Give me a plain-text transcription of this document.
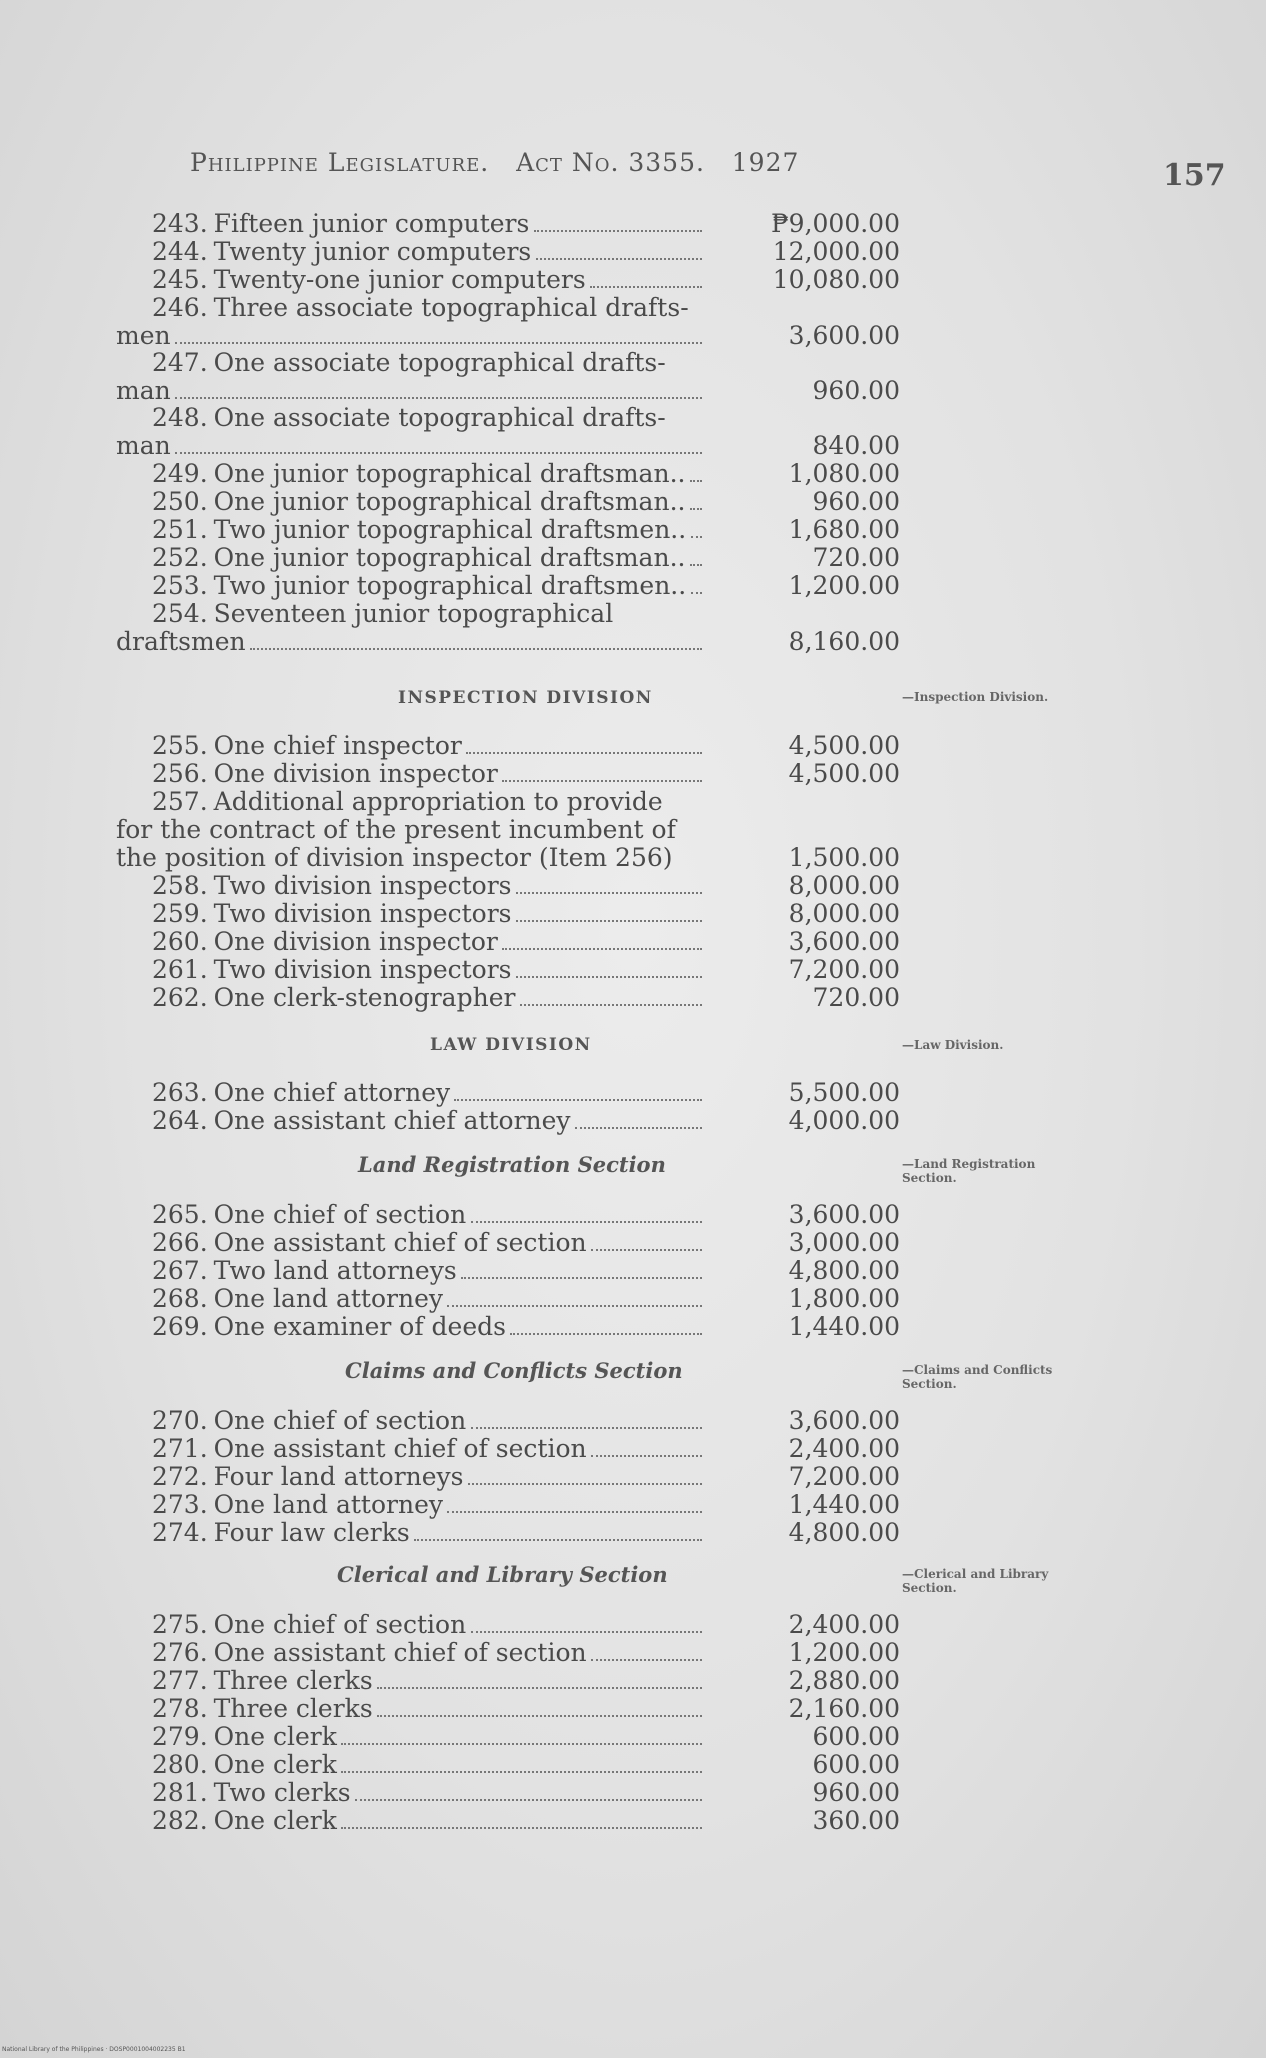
Philippine Legislature. Act No. 3355. 1927	157
243. Fifteen junior computers	₱9,000.00
244. Twenty junior computers	12,000.00
245. Twenty-one junior computers	10,080.00
246. Three associate topographical drafts-
men	3,600.00
247. One associate topographical drafts-
man	960.00
248. One associate topographical drafts-
man	840.00
249. One junior topographical draftsman..	1,080.00
250. One junior topographical draftsman..	960.00
251. Two junior topographical draftsmen..	1,680.00
252. One junior topographical draftsman..	720.00
253. Two junior topographical draftsmen..	1,200.00
254. Seventeen junior topographical
draftsmen	8,160.00
255. One chief inspector	4,500.00
256. One division inspector	4,500.00
257. Additional appropriation to provide
for the contract of the present incumbent of
the position of division inspector (Item 256)	1,500.00
258. Two division inspectors	8,000.00
259. Two division inspectors	8,000.00
260. One division inspector	3,600.00
261. Two division inspectors	7,200.00
262. One clerk-stenographer	720.00
263. One chief attorney	5,500.00
264. One assistant chief attorney	4,000.00
265. One chief of section	3,600.00
266. One assistant chief of section	3,000.00
267. Two land attorneys	4,800.00
268. One land attorney	1,800.00
269. One examiner of deeds	1,440.00
270. One chief of section	3,600.00
271. One assistant chief of section	2,400.00
272. Four land attorneys	7,200.00
273. One land attorney	1,440.00
274. Four law clerks	4,800.00
275. One chief of section	2,400.00
276. One assistant chief of section	1,200.00
277. Three clerks	2,880.00
278. Three clerks	2,160.00
279. One clerk	600.00
280. One clerk	600.00
281. Two clerks	960.00
282. One clerk	360.00
INSPECTION DIVISION
LAW DIVISION
Land Registration Section
Claims and Conflicts Section
Clerical and Library Section
—Inspection Division.
—Law Division.
—Land Registration Section.
—Claims and Conflicts Section.
—Clerical and Library Section.
National Library of the Philippines · DOSP0001004002235 B1
